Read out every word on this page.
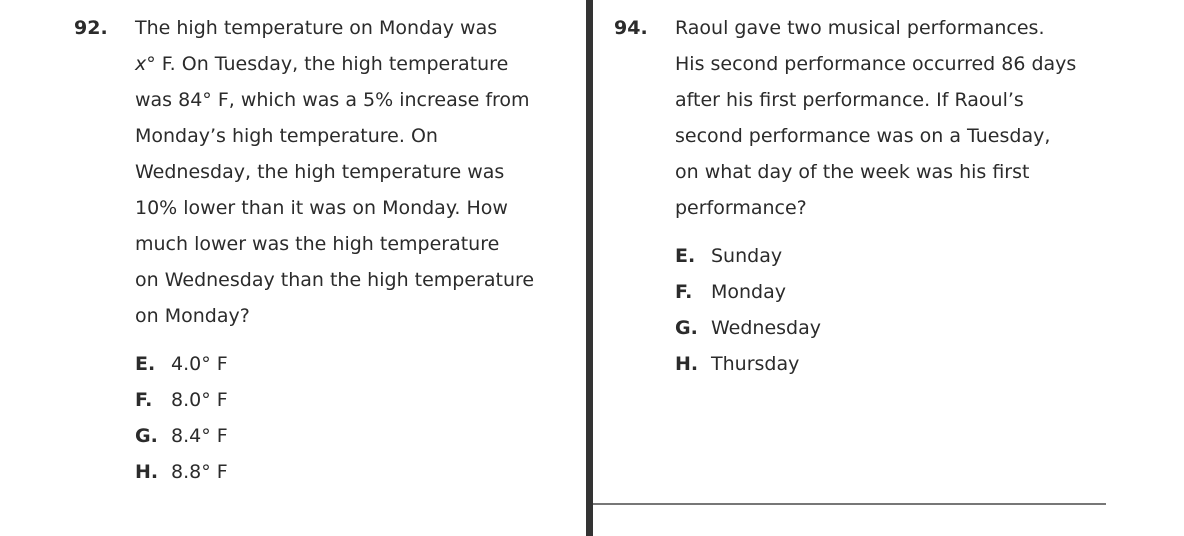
92. The high temperature on Monday was
x° F. On Tuesday, the high temperature
was 84° F, which was a 5% increase from
Monday’s high temperature. On
Wednesday, the high temperature was
10% lower than it was on Monday. How
much lower was the high temperature
on Wednesday than the high temperature
on Monday?
E. 4.0° F
F. 8.0° F
G. 8.4° F
H. 8.8° F
94. Raoul gave two musical performances.
His second performance occurred 86 days
after his first performance. If Raoul’s
second performance was on a Tuesday,
on what day of the week was his first
performance?
E. Sunday
F. Monday
G. Wednesday
H. Thursday
